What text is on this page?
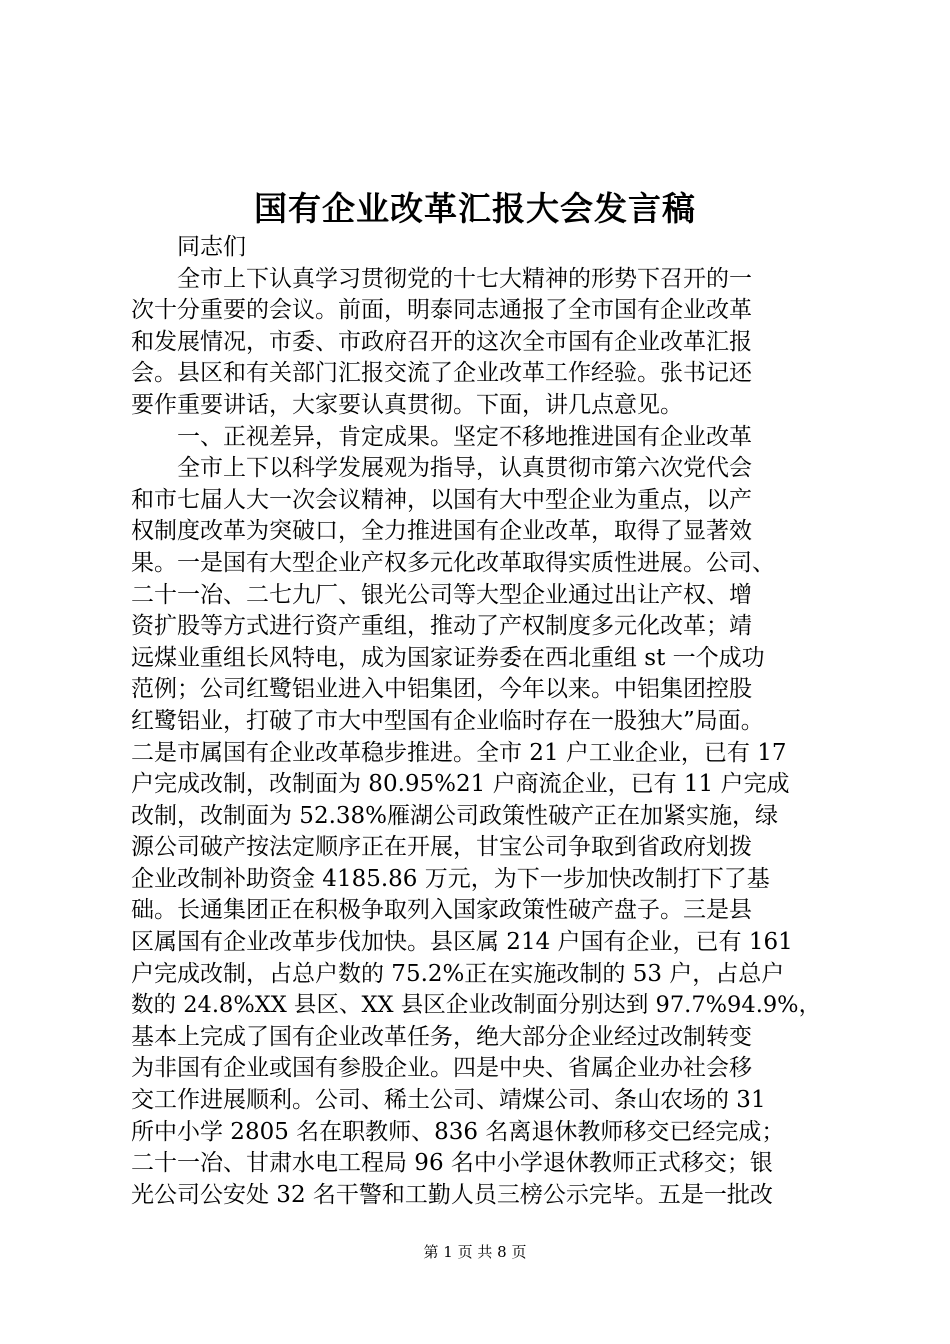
国有企业改革汇报大会发言稿
同志们
全市上下认真学习贯彻党的十七大精神的形势下召开的一
次十分重要的会议。前面，明泰同志通报了全市国有企业改革
和发展情况，市委、市政府召开的这次全市国有企业改革汇报
会。县区和有关部门汇报交流了企业改革工作经验。张书记还
要作重要讲话，大家要认真贯彻。下面，讲几点意见。
一、正视差异，肯定成果。坚定不移地推进国有企业改革
全市上下以科学发展观为指导，认真贯彻市第六次党代会
和市七届人大一次会议精神，以国有大中型企业为重点，以产
权制度改革为突破口，全力推进国有企业改革，取得了显著效
果。一是国有大型企业产权多元化改革取得实质性进展。公司、
二十一冶、二七九厂、银光公司等大型企业通过出让产权、增
资扩股等方式进行资产重组，推动了产权制度多元化改革；靖
远煤业重组长风特电，成为国家证券委在西北重组 st 一个成功
范例；公司红鹭铝业进入中铝集团，今年以来。中铝集团控股
红鹭铝业，打破了市大中型国有企业临时存在一股独大”局面。
二是市属国有企业改革稳步推进。全市 21 户工业企业，已有 17
户完成改制，改制面为 80.95%21 户商流企业，已有 11 户完成
改制，改制面为 52.38%雁湖公司政策性破产正在加紧实施，绿
源公司破产按法定顺序正在开展，甘宝公司争取到省政府划拨
企业改制补助资金 4185.86 万元，为下一步加快改制打下了基
础。长通集团正在积极争取列入国家政策性破产盘子。三是县
区属国有企业改革步伐加快。县区属 214 户国有企业，已有 161
户完成改制，占总户数的 75.2%正在实施改制的 53 户，占总户
数的 24.8%XX 县区、XX 县区企业改制面分别达到 97.7%94.9%，
基本上完成了国有企业改革任务，绝大部分企业经过改制转变
为非国有企业或国有参股企业。四是中央、省属企业办社会移
交工作进展顺利。公司、稀土公司、靖煤公司、条山农场的 31
所中小学 2805 名在职教师、836 名离退休教师移交已经完成；
二十一冶、甘肃水电工程局 96 名中小学退休教师正式移交；银
光公司公安处 32 名干警和工勤人员三榜公示完毕。五是一批改
第 1 页 共 8 页
